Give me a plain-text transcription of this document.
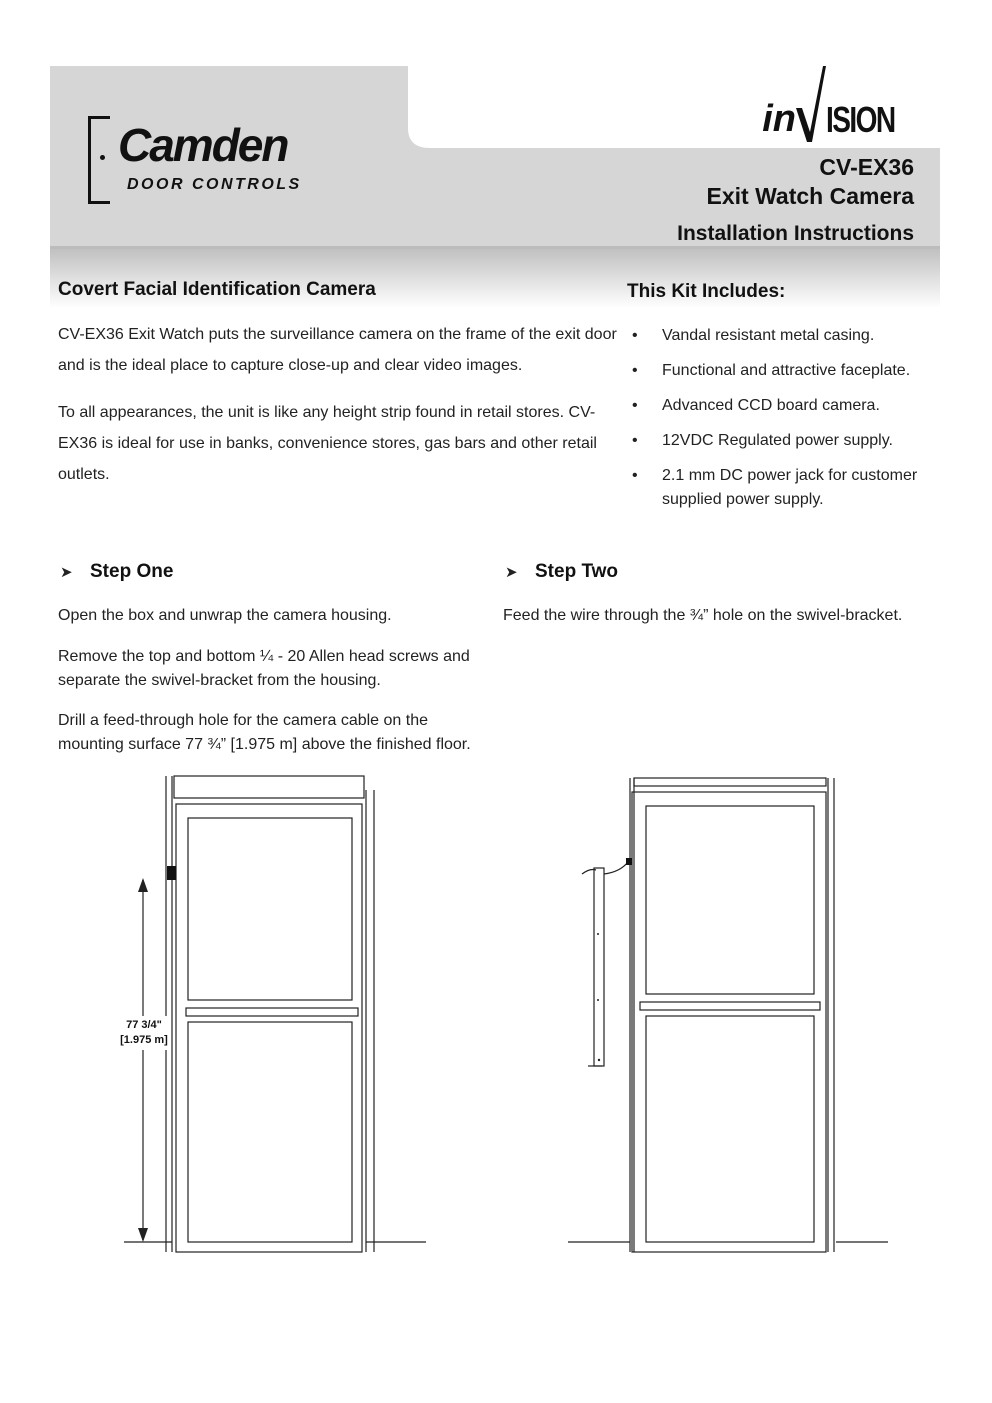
Camden
DOOR CONTROLS
in ISION
CV-EX36
Exit Watch Camera
Installation Instructions
Covert Facial Identification Camera

CV-EX36 Exit Watch puts the surveillance camera on the frame of the exit door and is the ideal place to capture close-up and clear video images.

To all appearances, the unit is like any height strip found in retail stores. CV-EX36 is ideal for use in banks, convenience stores, gas bars and other retail outlets.

This Kit Includes:
• Vandal resistant metal casing.
• Functional and attractive faceplate.
• Advanced CCD board camera.
• 12VDC Regulated power supply.
• 2.1 mm DC power jack for customer supplied power supply.
➤ Step One

Open the box and unwrap the camera housing.

Remove the top and bottom ¼ - 20 Allen head screws and separate the swivel-bracket from the housing.

Drill a feed-through hole for the camera cable on the mounting surface 77 ¾” [1.975 m] above the finished floor.

➤ Step Two

Feed the wire through the ¾” hole on the swivel-bracket.

77 3/4"
[1.975 m]
